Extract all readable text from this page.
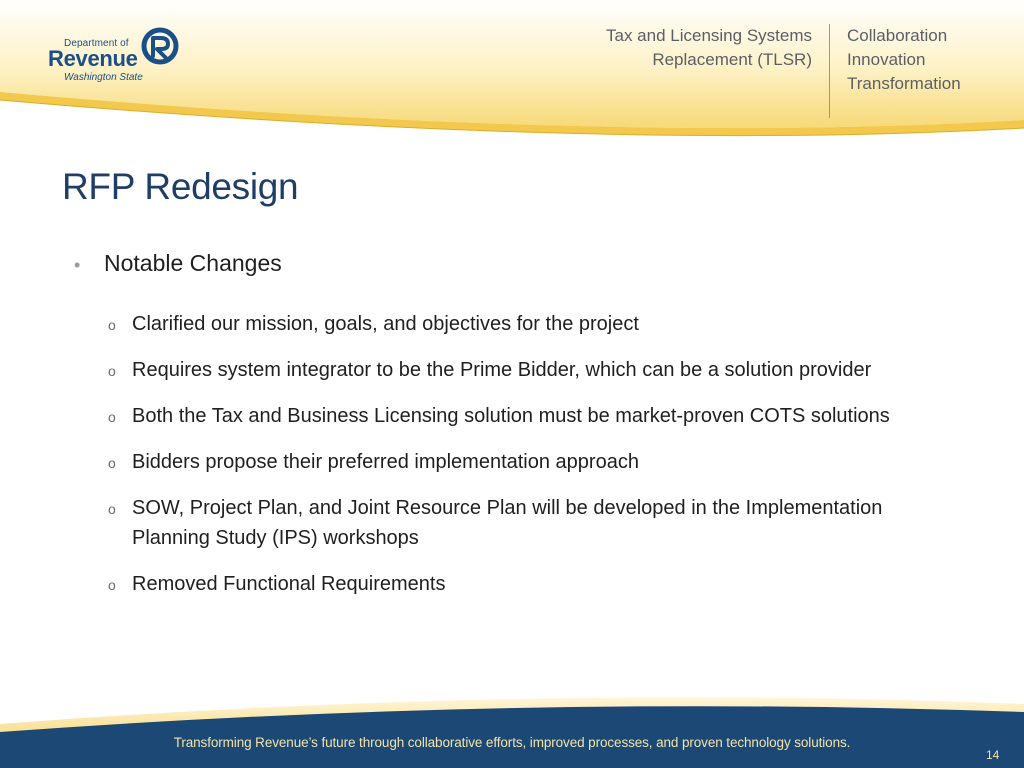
Department of
Revenue
Washington State
Tax and Licensing Systems
Replacement (TLSR)
Collaboration
Innovation
Transformation
RFP Redesign
•	Notable Changes
o Clarified our mission, goals, and objectives for the project
o Requires system integrator to be the Prime Bidder, which can be a solution provider
o Both the Tax and Business Licensing solution must be market-proven COTS solutions
o Bidders propose their preferred implementation approach
o SOW, Project Plan, and Joint Resource Plan will be developed in the Implementation Planning Study (IPS) workshops
o Removed Functional Requirements
Transforming Revenue’s future through collaborative efforts, improved processes, and proven technology solutions.
14
